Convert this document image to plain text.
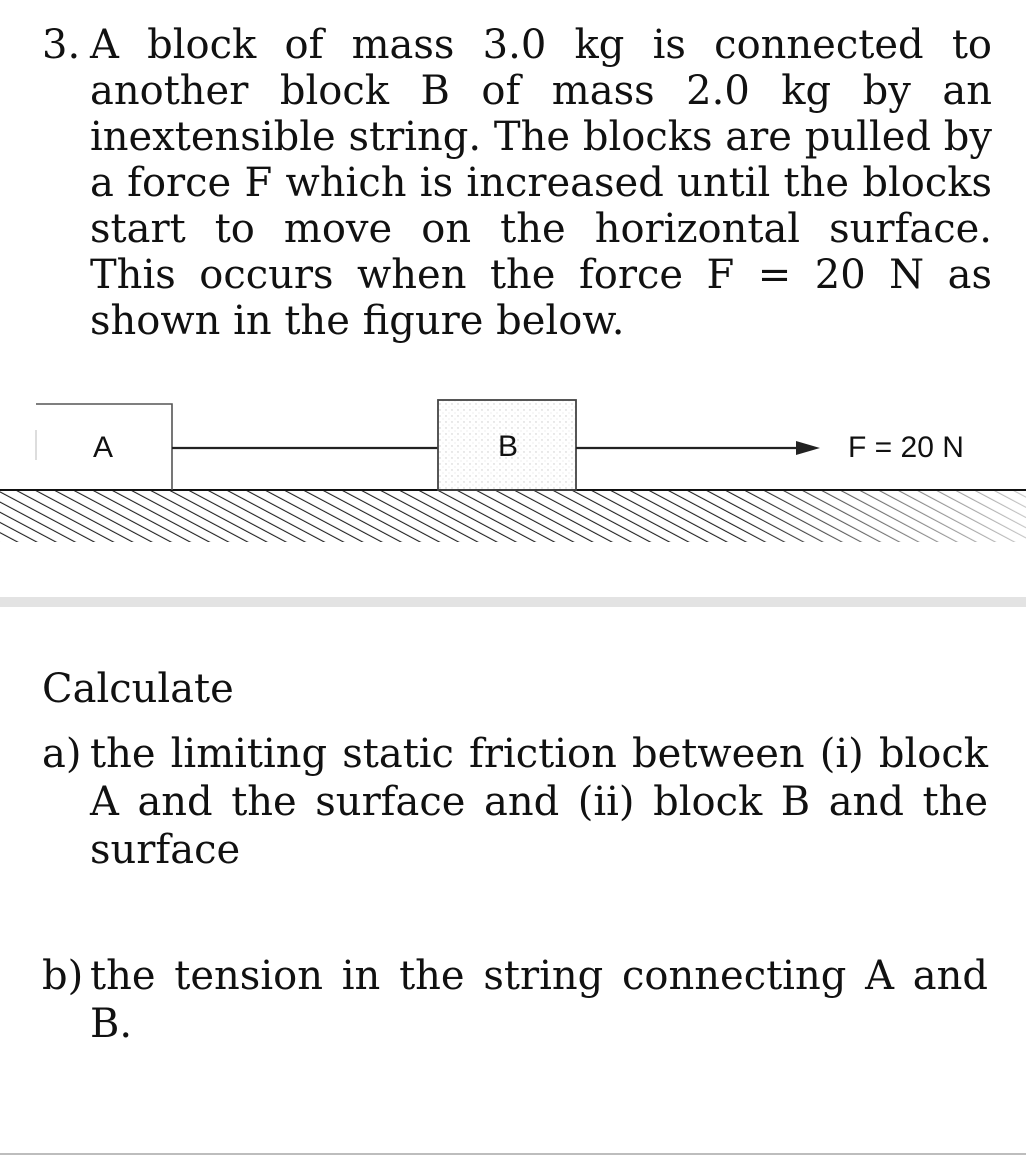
3. A block of mass 3.0 kg is connected to another block B of mass 2.0 kg by an inextensible string. The blocks are pulled by a force F which is increased until the blocks start to move on the horizontal surface. This occurs when the force F = 20 N as shown in the figure below.
A	B	F = 20 N
Calculate
a) the limiting static friction between (i) block A and the surface and (ii) block B and the surface
b) the tension in the string connecting A and B.
